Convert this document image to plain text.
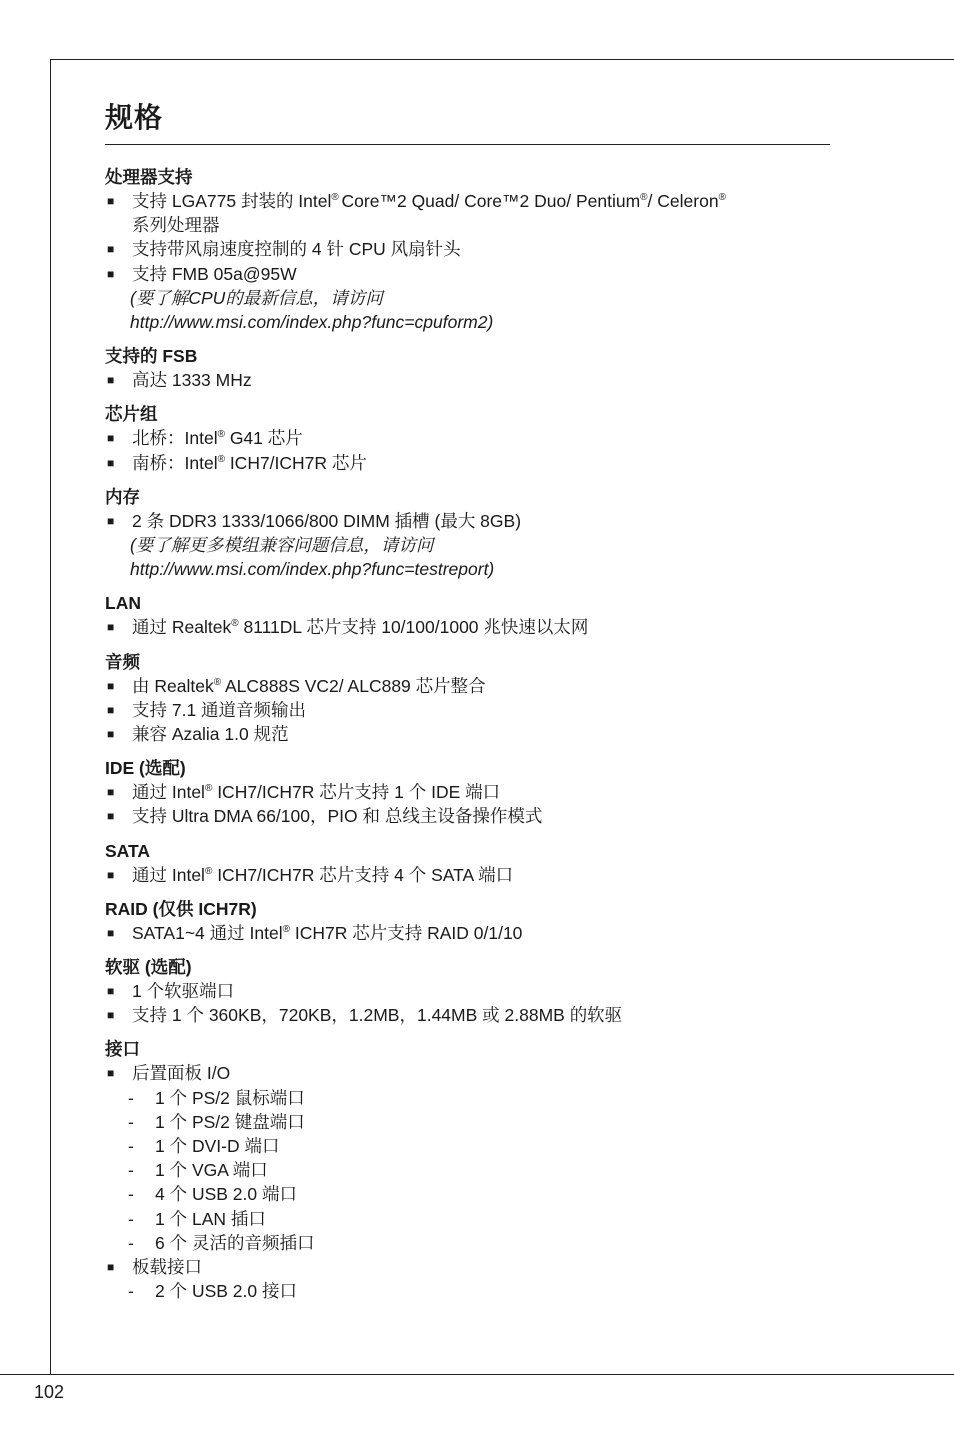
102
规格
处理器支持
■ 支持 LGA775 封装的 Intel® Core™2 Quad/ Core™2 Duo/ Pentium®/ Celeron®
系列处理器
■ 支持带风扇速度控制的 4 针 CPU 风扇针头
■ 支持 FMB 05a@95W
(要了解CPU的最新信息，请访问
http://www.msi.com/index.php?func=cpuform2)
支持的 FSB
■ 高达 1333 MHz
芯片组
■ 北桥：Intel® G41 芯片
■ 南桥：Intel® ICH7/ICH7R 芯片
内存
■ 2 条 DDR3 1333/1066/800 DIMM 插槽 (最大 8GB)
(要了解更多模组兼容问题信息，请访问
http://www.msi.com/index.php?func=testreport)
LAN
■ 通过 Realtek® 8111DL 芯片支持 10/100/1000 兆快速以太网
音频
■ 由 Realtek® ALC888S VC2/ ALC889 芯片整合
■ 支持 7.1 通道音频输出
■ 兼容 Azalia 1.0 规范
IDE (选配)
■ 通过 Intel® ICH7/ICH7R 芯片支持 1 个 IDE 端口
■ 支持 Ultra DMA 66/100，PIO 和 总线主设备操作模式
SATA
■ 通过 Intel® ICH7/ICH7R 芯片支持 4 个 SATA 端口
RAID (仅供 ICH7R)
■ SATA1~4 通过 Intel® ICH7R 芯片支持 RAID 0/1/10
软驱 (选配)
■ 1 个软驱端口
■ 支持 1 个 360KB，720KB，1.2MB，1.44MB 或 2.88MB 的软驱
接口
■ 后置面板 I/O
- 1 个 PS/2 鼠标端口
- 1 个 PS/2 键盘端口
- 1 个 DVI-D 端口
- 1 个 VGA 端口
- 4 个 USB 2.0 端口
- 1 个 LAN 插口
- 6 个 灵活的音频插口
■ 板载接口
- 2 个 USB 2.0 接口
